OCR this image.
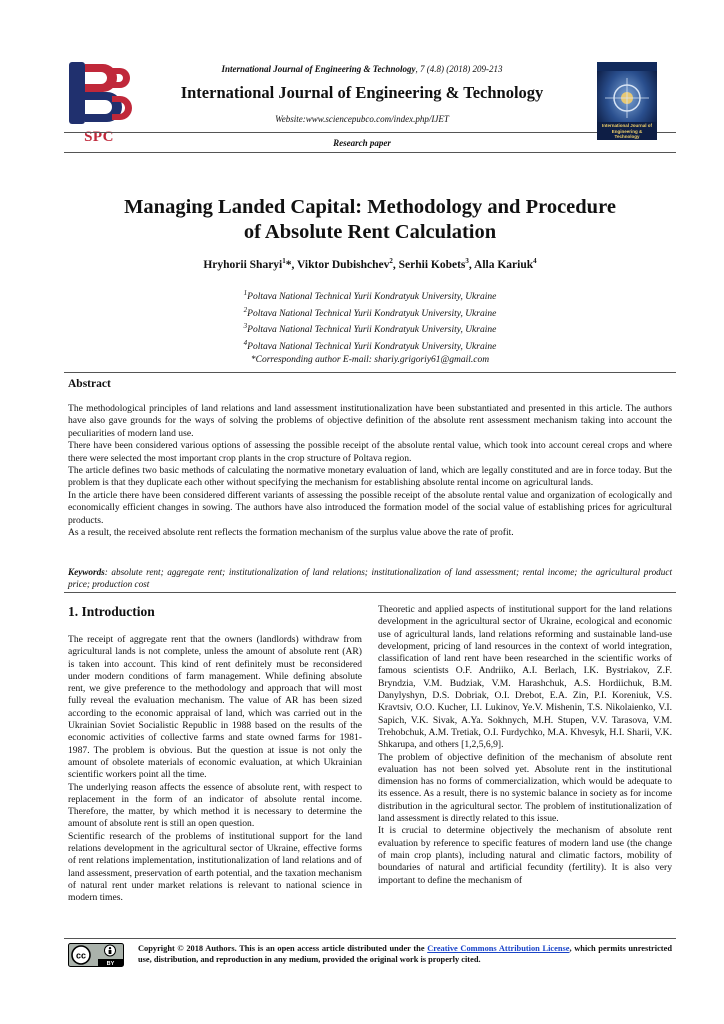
SPC
International Journal of Engineering & Technology, 7 (4.8) (2018) 209-213
International Journal of Engineering & Technology
Website:www.sciencepubco.com/index.php/IJET
Research paper
International Journal of Engineering & Technology
Managing Landed Capital: Methodology and Procedure
of Absolute Rent Calculation
Hryhorii Sharyi$^1$*, Viktor Dubishchev$^2$, Serhii Kobets$^3$, Alla Kariuk$^4$
$^1$Poltava National Technical Yurii Kondratyuk University, Ukraine
$^2$Poltava National Technical Yurii Kondratyuk University, Ukraine
$^3$Poltava National Technical Yurii Kondratyuk University, Ukraine
$^4$Poltava National Technical Yurii Kondratyuk University, Ukraine
*Corresponding author E-mail: shariy.grigoriy61@gmail.com
Abstract

The methodological principles of land relations and land assessment institutionalization have been substantiated and presented in this article. The authors have also gave grounds for the ways of solving the problems of objective definition of the absolute rent assessment mechanism taking into account the peculiarities of modern land use.

There have been considered various options of assessing the possible receipt of the absolute rental value, which took into account cereal crops and where there were selected the most important crop plants in the crop structure of Poltava region.

The article defines two basic methods of calculating the normative monetary evaluation of land, which are legally constituted and are in force today. But the problem is that they duplicate each other without specifying the mechanism for establishing absolute rental income on agricultural lands.

In the article there have been considered different variants of assessing the possible receipt of the absolute rental value and organization of ecologically and economically efficient changes in sowing. The authors have also introduced the formation model of the social value of establishing prices for agricultural products.

As a result, the received absolute rent reflects the formation mechanism of the surplus value above the rate of profit.

Keywords: absolute rent; aggregate rent; institutionalization of land relations; institutionalization of land assessment; rental income; the agricultural product price; production cost
1. Introduction

The receipt of aggregate rent that the owners (landlords) withdraw from agricultural lands is not complete, unless the amount of absolute rent (AR) is taken into account. This kind of rent definitely must be reconsidered under modern conditions of farm management. While defining absolute rent, we give preference to the methodology and approach that will most fully reveal the evaluation mechanism. The value of AR has been sized according to the economic appraisal of land, which was carried out in the Ukrainian Soviet Socialistic Republic in 1988 based on the results of the economic activities of collective farms and state owned farms for 1981-1987. The problem is obvious. But the question at issue is not only the amount of obsolete materials of economic evaluation, at which Ukrainian scientific workers point all the time.

The underlying reason affects the essence of absolute rent, with respect to replacement in the form of an indicator of absolute rental income. Therefore, the matter, by which method it is necessary to determine the amount of absolute rent is still an open question.

Scientific research of the problems of institutional support for the land relations development in the agricultural sector of Ukraine, effective forms of rent relations implementation, institutionalization of land relations and of land assessment, preservation of earth potential, and the taxation mechanism of natural rent under market relations is relevant to national science in modern times.

Theoretic and applied aspects of institutional support for the land relations development in the agricultural sector of Ukraine, ecological and economic use of agricultural lands, land relations reforming and sustainable land-use development, pricing of land resources in the context of world integration, classification of land rent have been researched in the scientific works of famous scientists O.F. Andriiko, A.I. Berlach, I.K. Bystriakov, Z.F. Bryndzia, V.M. Budziak, V.M. Harashchuk, A.S. Hordiichuk, B.M. Danylyshyn, D.S. Dobriak, O.I. Drebot, E.A. Zin, P.I. Koreniuk, V.S. Kravtsiv, O.O. Kucher, I.I. Lukinov, Ye.V. Mishenin, T.S. Nikolaienko, V.I. Sapich, V.K. Sivak, A.Ya. Sokhnych, M.H. Stupen, V.V. Tarasova, V.M. Trehobchuk, A.M. Tretiak, O.I. Furdychko, M.A. Khvesyk, H.I. Sharii, V.K. Shkarupa, and others [1,2,5,6,9].

The problem of objective definition of the mechanism of absolute rent evaluation has not been solved yet. Absolute rent in the institutional dimension has no forms of commercialization, which would be adequate to its essence. As a result, there is no systemic balance in society as for income distribution in the agricultural sector. The problem of institutionalization of land assessment is directly related to this issue.

It is crucial to determine objectively the mechanism of absolute rent evaluation by reference to specific features of modern land use (the change of main crop plants), including natural and climatic factors, mobility of boundaries of natural and artificial fecundity (fertility). It is also very important to define the mechanism of

cc
BY
Copyright © 2018 Authors. This is an open access article distributed under the Creative Commons Attribution License, which permits unrestricted use, distribution, and reproduction in any medium, provided the original work is properly cited.
